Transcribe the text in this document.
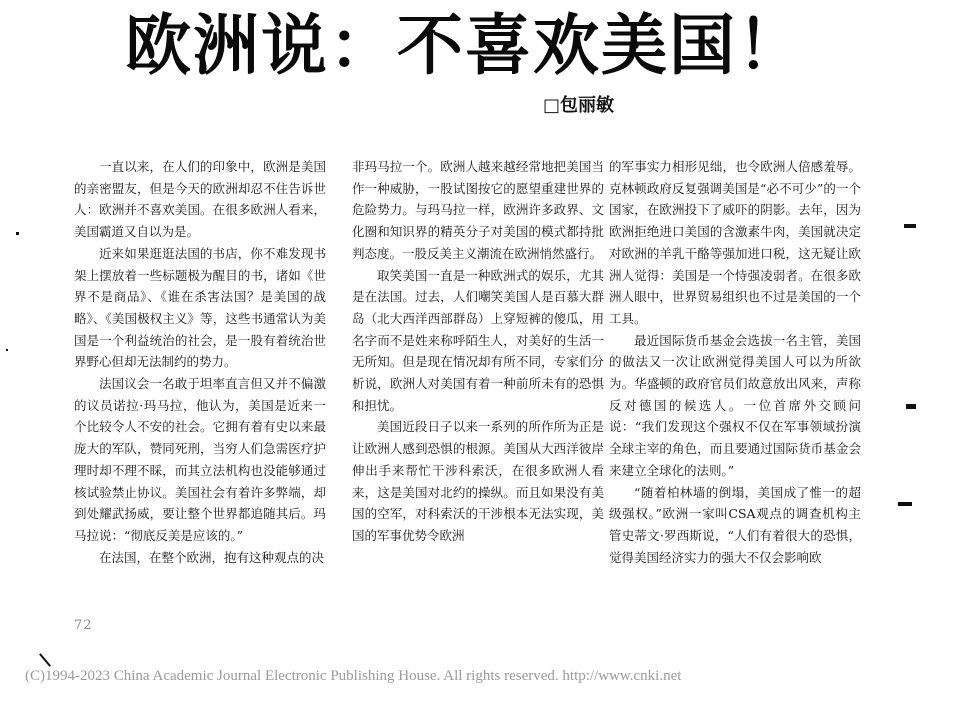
欧洲说：不喜欢美国！
□包丽敏

一直以来，在人们的印象中，欧洲是美国的亲密盟友，但是今天的欧洲却忍不住告诉世人：欧洲并不喜欢美国。在很多欧洲人看来，美国霸道又自以为是。

近来如果逛逛法国的书店，你不难发现书架上摆放着一些标题极为醒目的书，诸如《世界不是商品》、《谁在杀害法国？是美国的战略》、《美国极权主义》等，这些书通常认为美国是一个利益统治的社会，是一股有着统治世界野心但却无法制约的势力。

法国议会一名敢于坦率直言但又并不偏激的议员诺拉·玛马拉，他认为，美国是近来一个比较令人不安的社会。它拥有着有史以来最庞大的军队，赞同死刑，当穷人们急需医疗护理时却不理不睬，而其立法机构也没能够通过核试验禁止协议。美国社会有着许多弊端，却到处耀武扬威，要让整个世界都追随其后。玛马拉说：“彻底反美是应该的。”

在法国，在整个欧洲，抱有这种观点的决

非玛马拉一个。欧洲人越来越经常地把美国当作一种威胁，一股试图按它的愿望重建世界的危险势力。与玛马拉一样，欧洲许多政界、文化圈和知识界的精英分子对美国的模式都持批判态度。一股反美主义潮流在欧洲悄然盛行。

取笑美国一直是一种欧洲式的娱乐，尤其是在法国。过去，人们嘲笑美国人是百慕大群岛（北大西洋西部群岛）上穿短裤的傻瓜，用名字而不是姓来称呼陌生人，对美好的生活一无所知。但是现在情况却有所不同，专家们分析说，欧洲人对美国有着一种前所未有的恐惧和担忧。

美国近段日子以来一系列的所作所为正是让欧洲人感到恐惧的根源。美国从大西洋彼岸伸出手来帮忙干涉科索沃，在很多欧洲人看来，这是美国对北约的操纵。而且如果没有美国的空军，对科索沃的干涉根本无法实现，美国的军事优势令欧洲

的军事实力相形见绌，也令欧洲人倍感羞辱。克林顿政府反复强调美国是“必不可少”的一个国家，在欧洲投下了威吓的阴影。去年，因为欧洲拒绝进口美国的含激素牛肉，美国就决定对欧洲的羊乳干酪等强加进口税，这无疑让欧洲人觉得：美国是一个恃强凌弱者。在很多欧洲人眼中，世界贸易组织也不过是美国的一个工具。

最近国际货币基金会选拔一名主管，美国的做法又一次让欧洲觉得美国人可以为所欲为。华盛顿的政府官员们故意放出风来，声称反对德国的候选人。一位首席外交顾问说：“我们发现这个强权不仅在军事领域扮演全球主宰的角色，而且要通过国际货币基金会来建立全球化的法则。”

“随着柏林墙的倒塌，美国成了惟一的超级强权。”欧洲一家叫CSA观点的调查机构主管史蒂文·罗西斯说，“人们有着很大的恐惧，觉得美国经济实力的强大不仅会影响欧

72
(C)1994-2023 China Academic Journal Electronic Publishing House. All rights reserved. http://www.cnki.net
